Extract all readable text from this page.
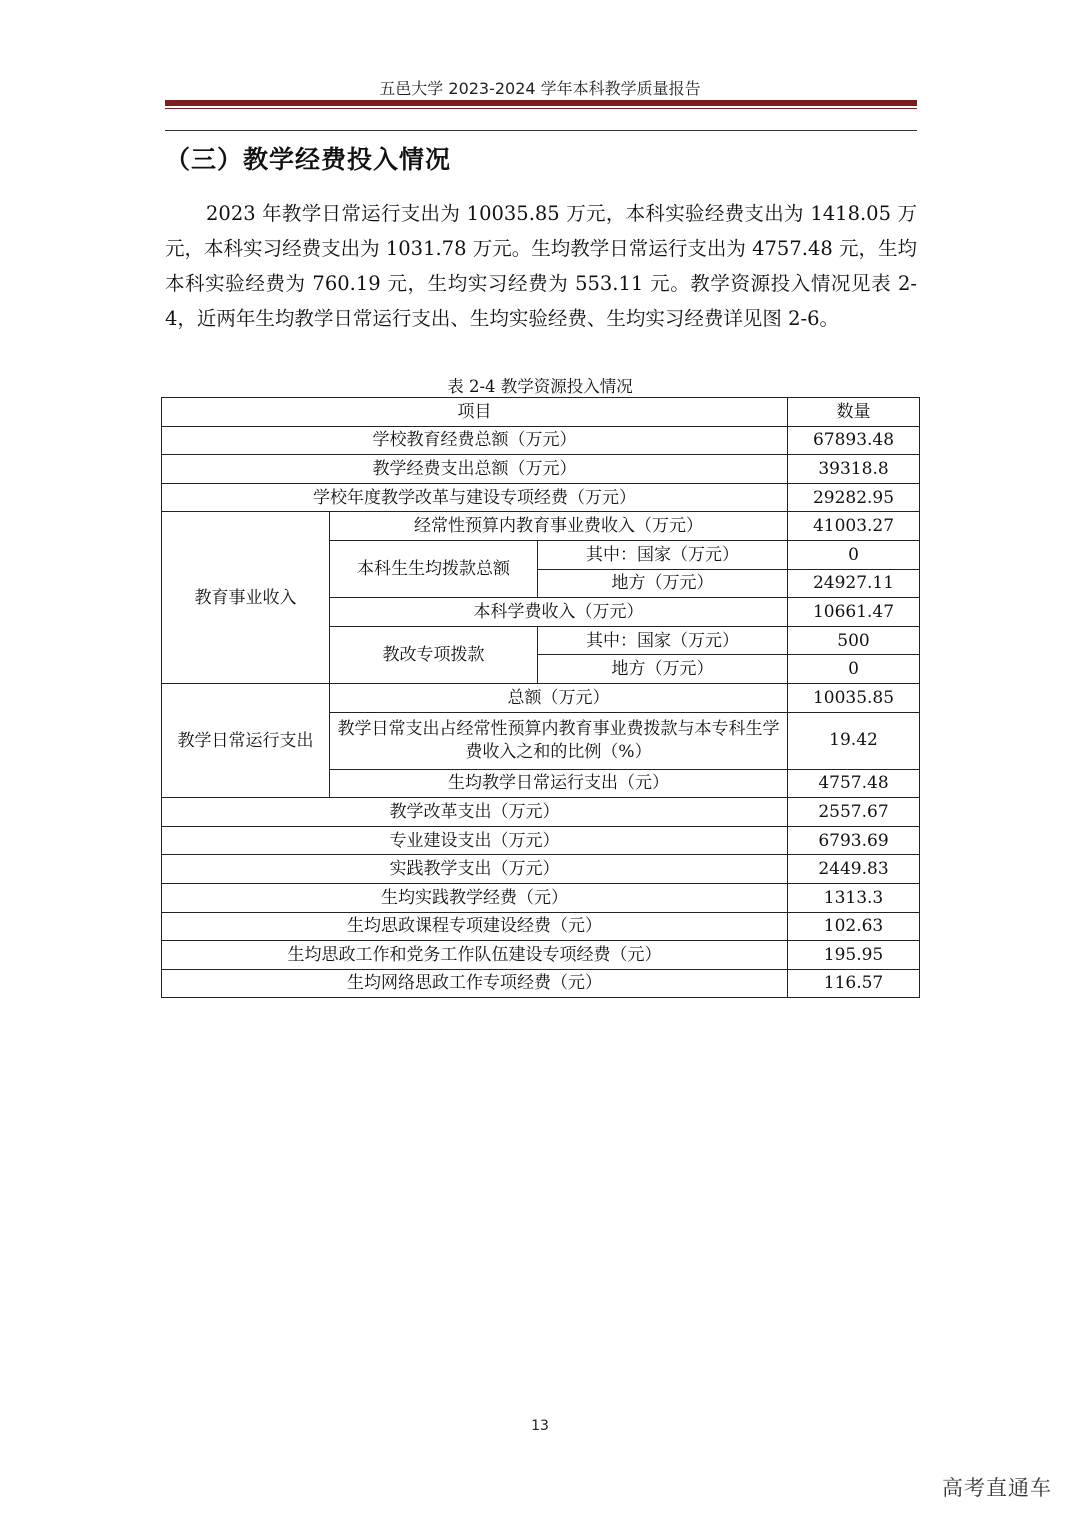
五邑大学 2023-2024 学年本科教学质量报告
（三）教学经费投入情况
2023 年教学日常运行支出为 10035.85 万元，本科实验经费支出为 1418.05 万元，本科实习经费支出为 1031.78 万元。生均教学日常运行支出为 4757.48 元，生均本科实验经费为 760.19 元，生均实习经费为 553.11 元。教学资源投入情况见表 2-4，近两年生均教学日常运行支出、生均实验经费、生均实习经费详见图 2-6。
表 2-4 教学资源投入情况
项目			数量
学校教育经费总额（万元）			67893.48
教学经费支出总额（万元）			39318.8
学校年度教学改革与建设专项经费（万元）			29282.95
教育事业收入	经常性预算内教育事业费收入（万元）		41003.27
	本科生生均拨款总额	其中：国家（万元）	0
		地方（万元）	24927.11
	本科学费收入（万元）		10661.47
	教改专项拨款	其中：国家（万元）	500
		地方（万元）	0
教学日常运行支出	总额（万元）		10035.85
	教学日常支出占经常性预算内教育事业费拨款与本专科生学费收入之和的比例（%）		19.42
	生均教学日常运行支出（元）		4757.48
教学改革支出（万元）			2557.67
专业建设支出（万元）			6793.69
实践教学支出（万元）			2449.83
生均实践教学经费（元）			1313.3
生均思政课程专项建设经费（元）			102.63
生均思政工作和党务工作队伍建设专项经费（元）			195.95
生均网络思政工作专项经费（元）			116.57
13
高考直通车
